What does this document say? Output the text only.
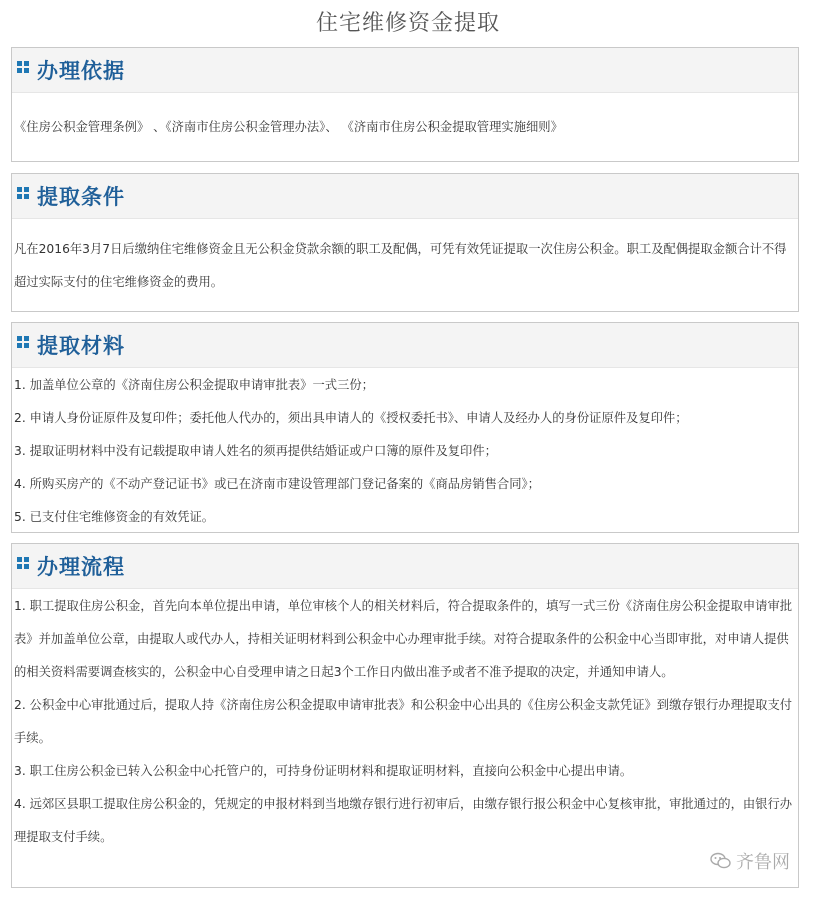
住宅维修资金提取
办理依据

《住房公积金管理条例》 、《济南市住房公积金管理办法》、 《济南市住房公积金提取管理实施细则》

提取条件

凡在2016年3月7日后缴纳住宅维修资金且无公积金贷款余额的职工及配偶，可凭有效凭证提取一次住房公积金。职工及配偶提取金额合计不得超过实际支付的住宅维修资金的费用。

提取材料

1. 加盖单位公章的《济南住房公积金提取申请审批表》一式三份；

2. 申请人身份证原件及复印件；委托他人代办的，须出具申请人的《授权委托书》、申请人及经办人的身份证原件及复印件；

3. 提取证明材料中没有记载提取申请人姓名的须再提供结婚证或户口簿的原件及复印件；

4. 所购买房产的《不动产登记证书》或已在济南市建设管理部门登记备案的《商品房销售合同》；

5. 已支付住宅维修资金的有效凭证。

办理流程

1. 职工提取住房公积金，首先向本单位提出申请，单位审核个人的相关材料后，符合提取条件的，填写一式三份《济南住房公积金提取申请审批表》并加盖单位公章，由提取人或代办人，持相关证明材料到公积金中心办理审批手续。对符合提取条件的公积金中心当即审批，对申请人提供的相关资料需要调查核实的，公积金中心自受理申请之日起3个工作日内做出准予或者不准予提取的决定，并通知申请人。

2. 公积金中心审批通过后，提取人持《济南住房公积金提取申请审批表》和公积金中心出具的《住房公积金支款凭证》到缴存银行办理提取支付手续。

3. 职工住房公积金已转入公积金中心托管户的，可持身份证明材料和提取证明材料，直接向公积金中心提出申请。

4. 远郊区县职工提取住房公积金的，凭规定的申报材料到当地缴存银行进行初审后，由缴存银行报公积金中心复核审批，审批通过的，由银行办理提取支付手续。

齐鲁网
